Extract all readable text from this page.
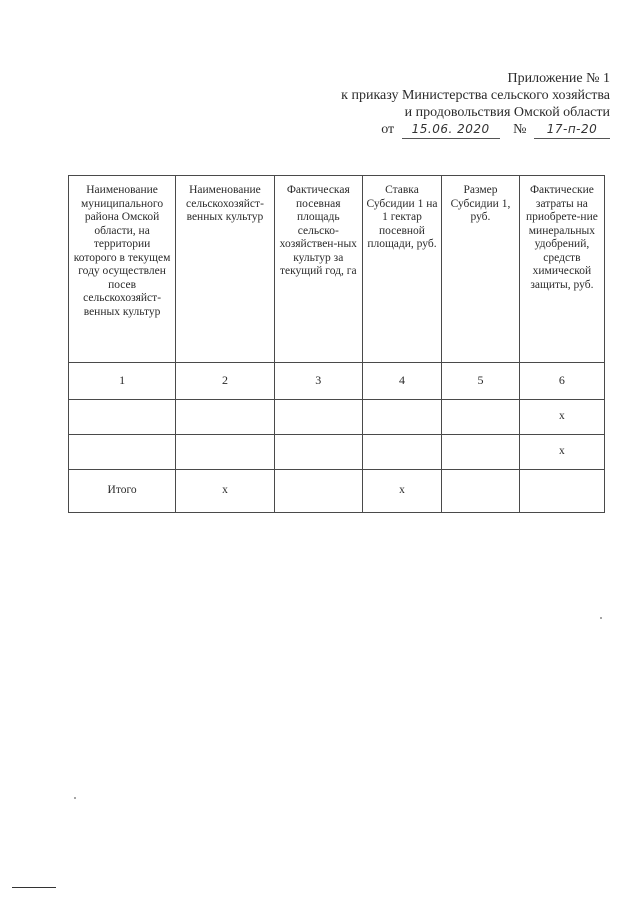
Приложение № 1
к приказу Министерства сельского хозяйства
и продовольствия Омской области
от 15.06. 2020 № 17-п-20
Наименование муниципального района Омской области, на территории которого в текущем году осуществлен посев сельскохозяйст-венных культур	Наименование сельскохозяйст-венных культур	Фактическая посевная площадь сельско-хозяйствен-ных культур за текущий год, га	Ставка Субсидии 1 на 1 гектар посевной площади, руб.	Размер Субсидии 1, руб.	Фактические затраты на приобрете-ние минеральных удобрений, средств химической защиты, руб.
1	2	3	4	5	6
					х
					х
Итого	х		х		
